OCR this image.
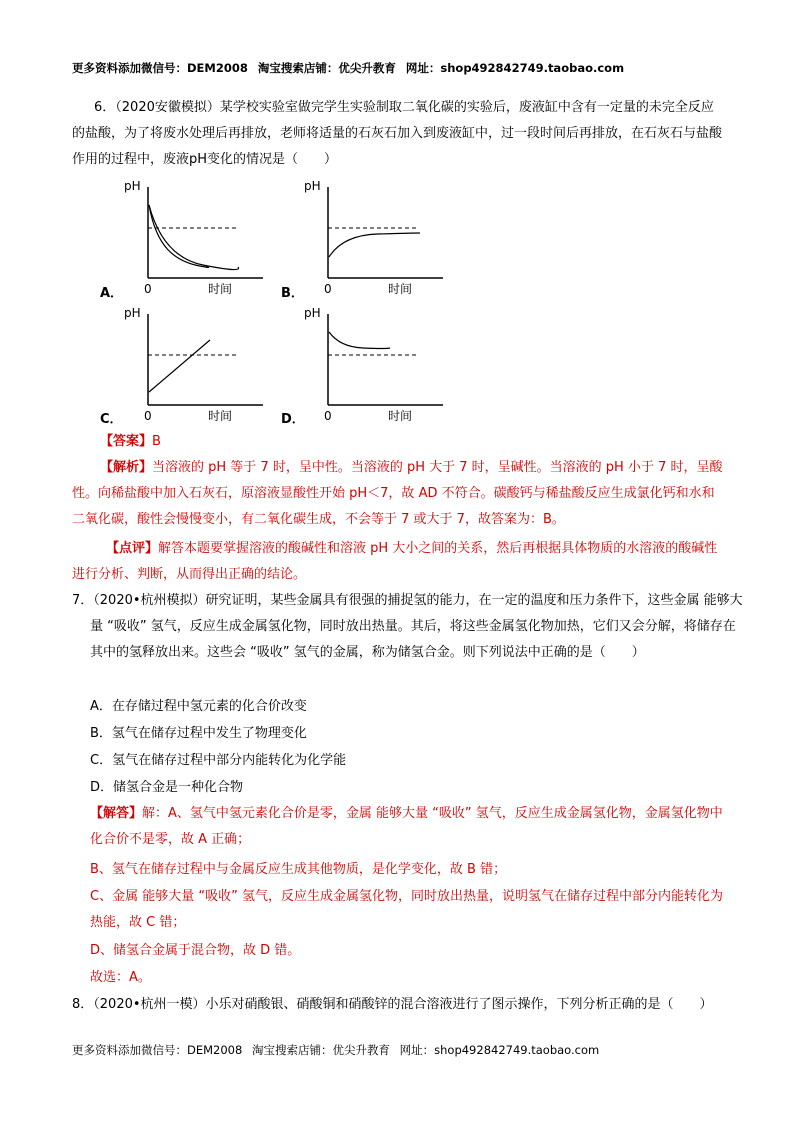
更多资料添加微信号：DEM2008 淘宝搜索店铺：优尖升教育 网址：shop492842749.taobao.com

6．（2020安徽模拟）某学校实验室做完学生实验制取二氧化碳的实验后，废液缸中含有一定量的未完全反应的盐酸，为了将废水处理后再排放，老师将适量的石灰石加入到废液缸中，过一段时间后再排放，在石灰石与盐酸作用的过程中，废液pH变化的情况是（　　）

A．
pH
0	时间	B．
pH
0	时间
C．
pH
0	时间	D．
pH
0	时间
【答案】B

【解析】当溶液的 pH 等于 7 时，呈中性。当溶液的 pH 大于 7 时，呈碱性。当溶液的 pH 小于 7 时，呈酸性。向稀盐酸中加入石灰石，原溶液显酸性开始 pH＜7，故 AD 不符合。碳酸钙与稀盐酸反应生成氯化钙和水和二氧化碳，酸性会慢慢变小，有二氧化碳生成，不会等于 7 或大于 7，故答案为：B。

【点评】解答本题要掌握溶液的酸碱性和溶液 pH 大小之间的关系，然后再根据具体物质的水溶液的酸碱性进行分析、判断，从而得出正确的结论。

7．（2020•杭州模拟）研究证明，某些金属具有很强的捕捉氢的能力，在一定的温度和压力条件下，这些金属 能够大量 “吸收” 氢气，反应生成金属氢化物，同时放出热量。其后，将这些金属氢化物加热，它们又会分解，将储存在其中的氢释放出来。这些会 “吸收” 氢气的金属，称为储氢合金。则下列说法中正确的是（　　）

A．在存储过程中氢元素的化合价改变
B．氢气在储存过程中发生了物理变化
C．氢气在储存过程中部分内能转化为化学能
D．储氢合金是一种化合物

【解答】解：A、氢气中氢元素化合价是零，金属 能够大量 “吸收” 氢气，反应生成金属氢化物，金属氢化物中化合价不是零，故 A 正确；

B、氢气在储存过程中与金属反应生成其他物质，是化学变化，故 B 错；

C、金属 能够大量 “吸收” 氢气，反应生成金属氢化物，同时放出热量，说明氢气在储存过程中部分内能转化为热能，故 C 错；

D、储氢合金属于混合物，故 D 错。

故选：A。

8．（2020•杭州一模）小乐对硝酸银、硝酸铜和硝酸锌的混合溶液进行了图示操作，下列分析正确的是（　　）

更多资料添加微信号：DEM2008 淘宝搜索店铺：优尖升教育 网址：shop492842749.taobao.com
